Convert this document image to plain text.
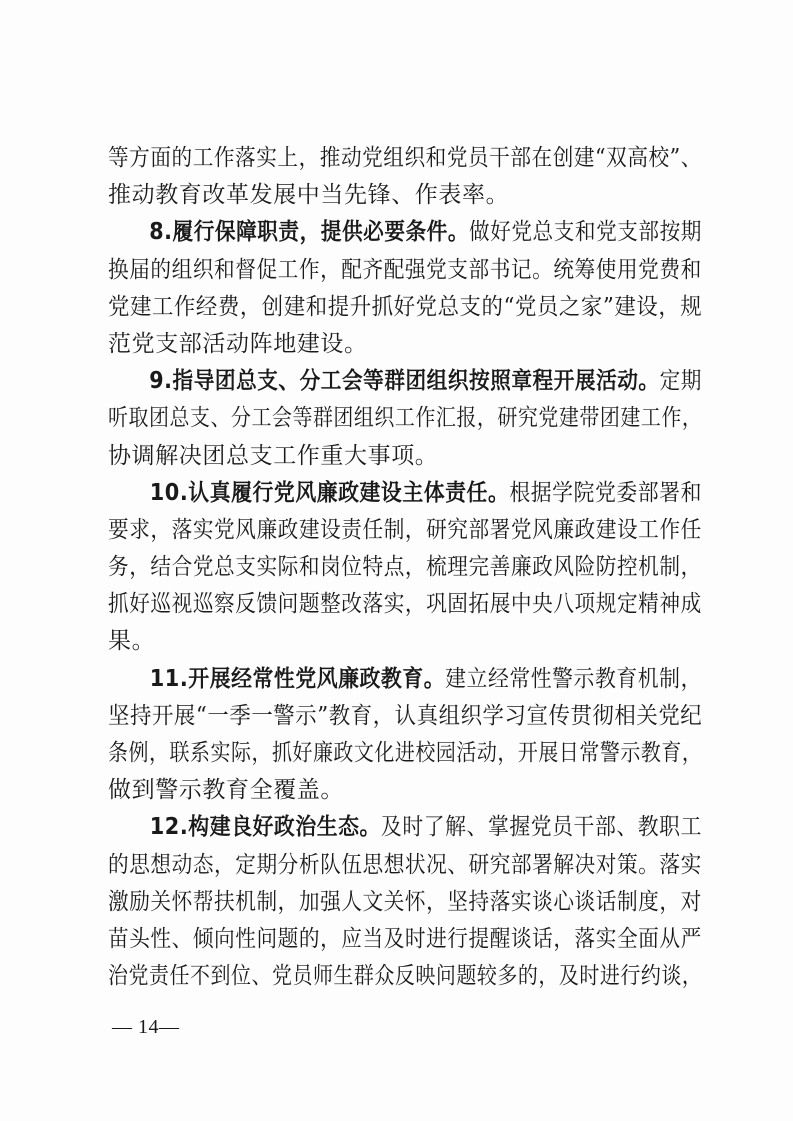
等方面的工作落实上，推动党组织和党员干部在创建“双高校”、
推动教育改革发展中当先锋、作表率。
8.履行保障职责，提供必要条件。做好党总支和党支部按期
换届的组织和督促工作，配齐配强党支部书记。统筹使用党费和
党建工作经费，创建和提升抓好党总支的“党员之家”建设，规
范党支部活动阵地建设。
9.指导团总支、分工会等群团组织按照章程开展活动。定期
听取团总支、分工会等群团组织工作汇报，研究党建带团建工作，
协调解决团总支工作重大事项。
10.认真履行党风廉政建设主体责任。根据学院党委部署和
要求，落实党风廉政建设责任制，研究部署党风廉政建设工作任
务，结合党总支实际和岗位特点，梳理完善廉政风险防控机制，
抓好巡视巡察反馈问题整改落实，巩固拓展中央八项规定精神成
果。
11.开展经常性党风廉政教育。建立经常性警示教育机制，
坚持开展“一季一警示”教育，认真组织学习宣传贯彻相关党纪
条例，联系实际，抓好廉政文化进校园活动，开展日常警示教育，
做到警示教育全覆盖。
12.构建良好政治生态。及时了解、掌握党员干部、教职工
的思想动态，定期分析队伍思想状况、研究部署解决对策。落实
激励关怀帮扶机制，加强人文关怀，坚持落实谈心谈话制度，对
苗头性、倾向性问题的，应当及时进行提醒谈话，落实全面从严
治党责任不到位、党员师生群众反映问题较多的，及时进行约谈，
— 14—
